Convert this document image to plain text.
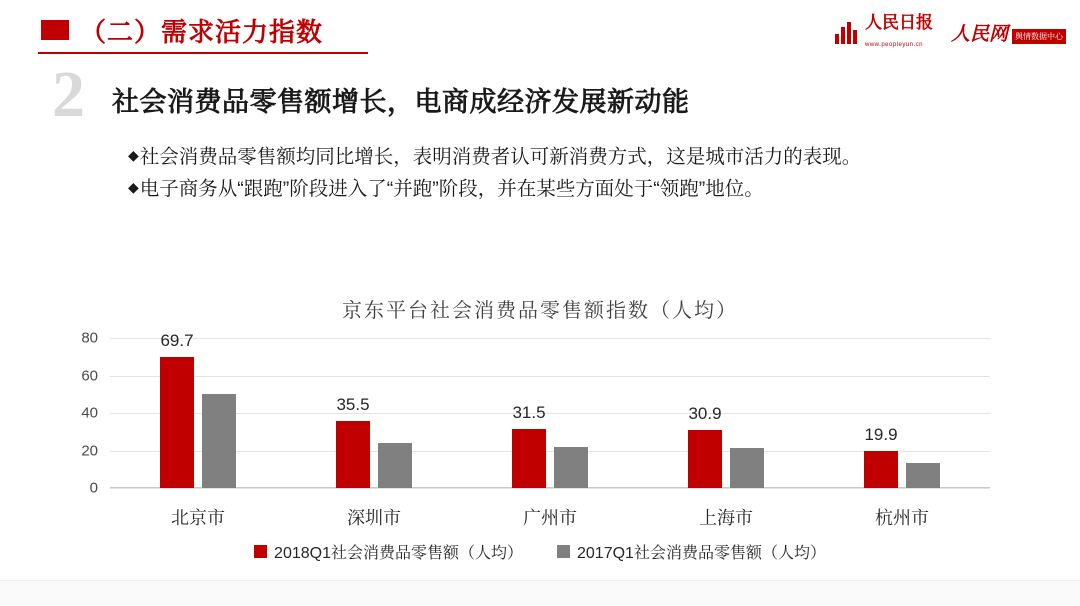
（二）需求活力指数	人民日报
www.peopleyun.cn	人民网 舆情数据中心
2 社会消费品零售额增长，电商成经济发展新动能
◆ 社会消费品零售额均同比增长，表明消费者认可新消费方式，这是城市活力的表现。
◆ 电子商务从“跟跑”阶段进入了“并跑”阶段，并在某些方面处于“领跑”地位。
京东平台社会消费品零售额指数（人均）
0
20
40
60
80	69.7
北京市
35.5
深圳市
31.5
广州市
30.9
上海市
19.9
杭州市
2018Q1社会消费品零售额（人均）	2017Q1社会消费品零售额（人均）
